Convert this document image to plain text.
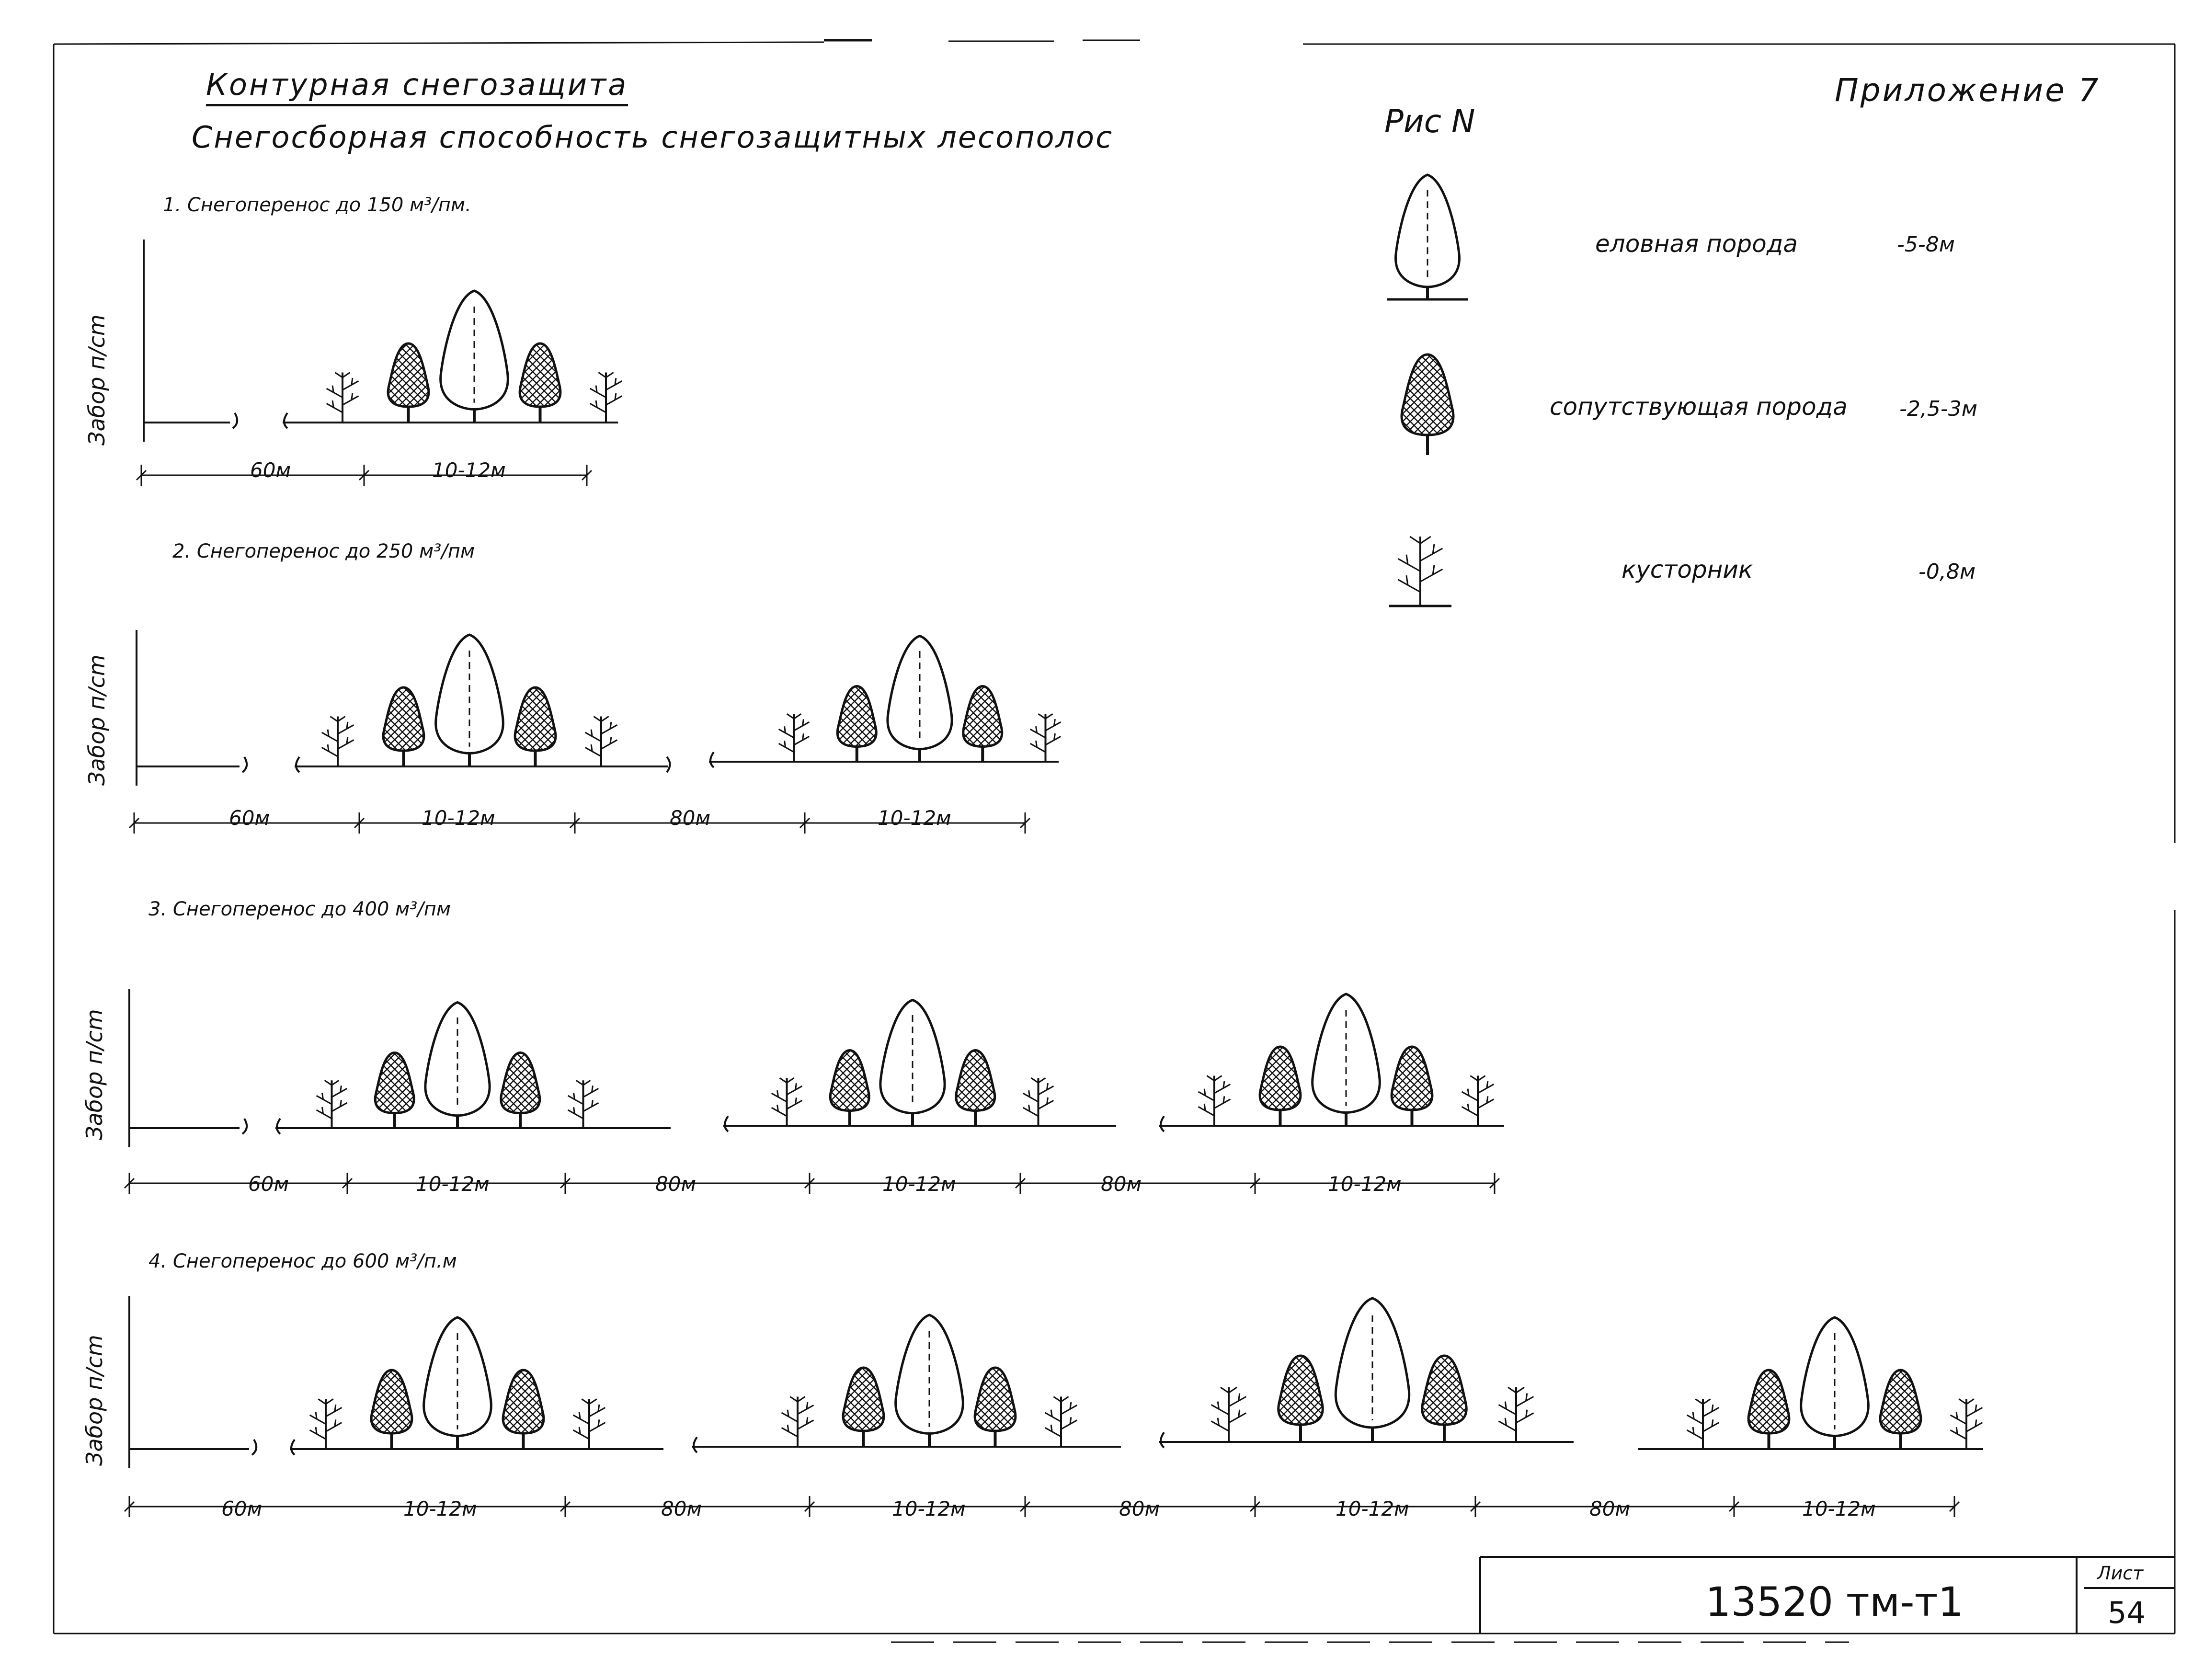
Контурная снегозащита
Снегосборная способность снегозащитных лесополос
Приложение 7
Рис N
еловная порода	-5-8м
сопутствующая порода -2,5-3м
кусторник	-0,8м
1. Снегоперенос до 150 м³/пм.
2. Снегоперенос до 250 м³/пм
3. Снегоперенос до 400 м³/пм
4. Снегоперенос до 600 м³/п.м
Забор п/cm
Забор п/cm
Забор п/cm
Забор п/cm
60м	10-12м
60м	10-12м	80м	10-12м
60м	10-12м	80м	10-12м	80м	10-12м
60м	10-12м	80м	10-12м	80м	10-12м	80м	10-12м
13520 тм-т1
Лист
54
